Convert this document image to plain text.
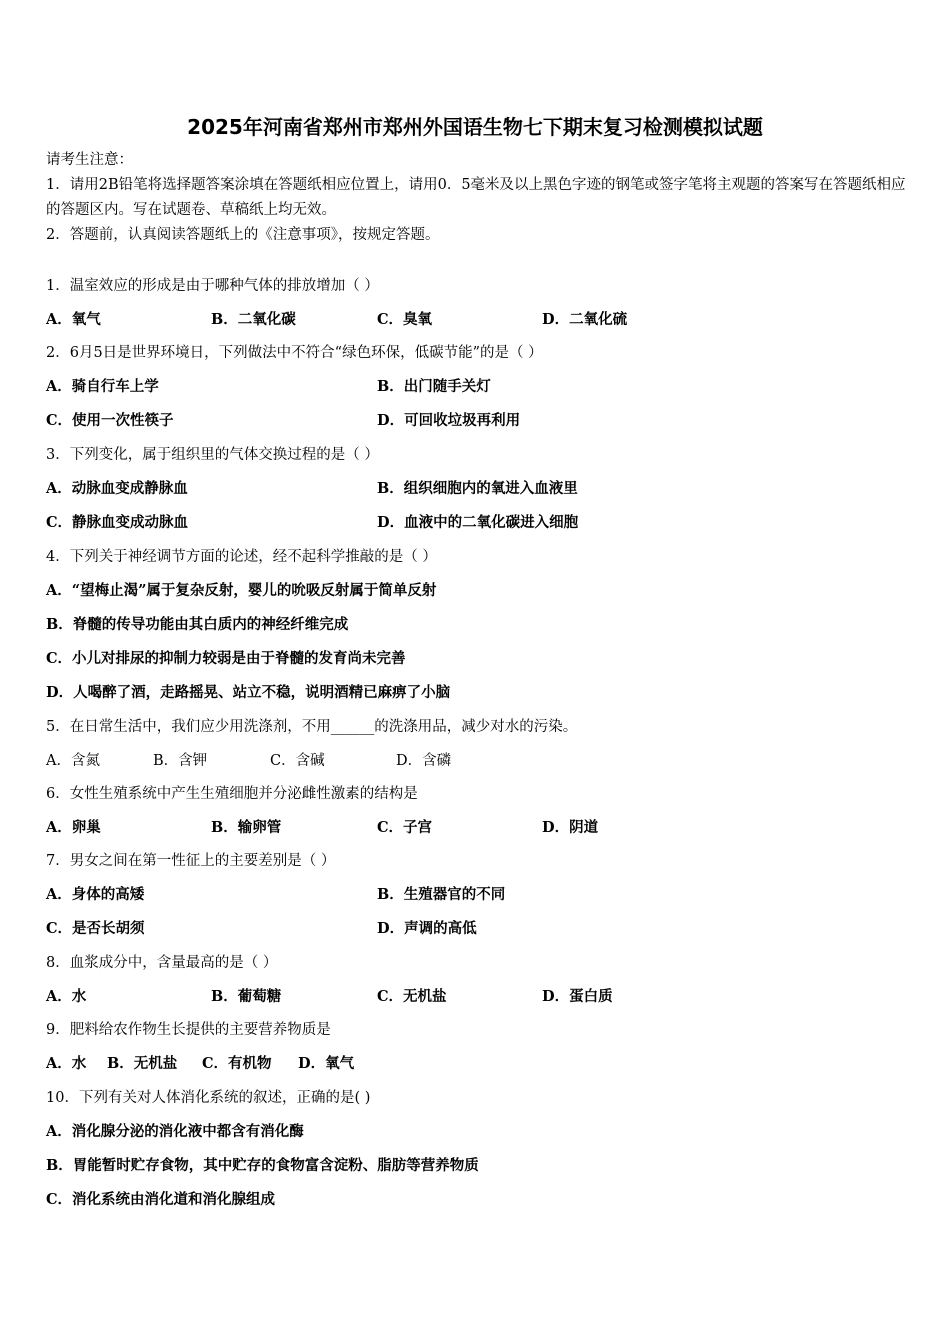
2025年河南省郑州市郑州外国语生物七下期末复习检测模拟试题
请考生注意：
1．请用2B铅笔将选择题答案涂填在答题纸相应位置上，请用0．5毫米及以上黑色字迹的钢笔或签字笔将主观题的答案写在答题纸相应的答题区内。写在试题卷、草稿纸上均无效。
2．答题前，认真阅读答题纸上的《注意事项》，按规定答题。
1．温室效应的形成是由于哪种气体的排放增加（ ）
A．氧气	B．二氧化碳	C．臭氧	D．二氧化硫
2．6月5日是世界环境日，下列做法中不符合“绿色环保，低碳节能”的是（ ）
A．骑自行车上学	B．出门随手关灯
C．使用一次性筷子	D．可回收垃圾再利用
3．下列变化，属于组织里的气体交换过程的是（ ）
A．动脉血变成静脉血	B．组织细胞内的氧进入血液里
C．静脉血变成动脉血	D．血液中的二氧化碳进入细胞
4．下列关于神经调节方面的论述，经不起科学推敲的是（ ）
A．“望梅止渴”属于复杂反射，婴儿的吮吸反射属于简单反射
B．脊髓的传导功能由其白质内的神经纤维完成
C．小儿对排尿的抑制力较弱是由于脊髓的发育尚未完善
D．人喝醉了酒，走路摇晃、站立不稳，说明酒精已麻痹了小脑
5．在日常生活中，我们应少用洗涤剂，不用______的洗涤用品，减少对水的污染。
A．含氮	B．含钾	C．含碱	D．含磷
6．女性生殖系统中产生生殖细胞并分泌雌性激素的结构是
A．卵巢	B．输卵管	C．子宫	D．阴道
7．男女之间在第一性征上的主要差别是（ ）
A．身体的高矮	B．生殖器官的不同
C．是否长胡须	D．声调的高低
8．血浆成分中，含量最高的是（ ）
A．水	B．葡萄糖	C．无机盐	D．蛋白质
9．肥料给农作物生长提供的主要营养物质是
A．水 B．无机盐 C．有机物 D．氧气
10．下列有关对人体消化系统的叙述，正确的是( )
A．消化腺分泌的消化液中都含有消化酶
B．胃能暂时贮存食物，其中贮存的食物富含淀粉、脂肪等营养物质
C．消化系统由消化道和消化腺组成
